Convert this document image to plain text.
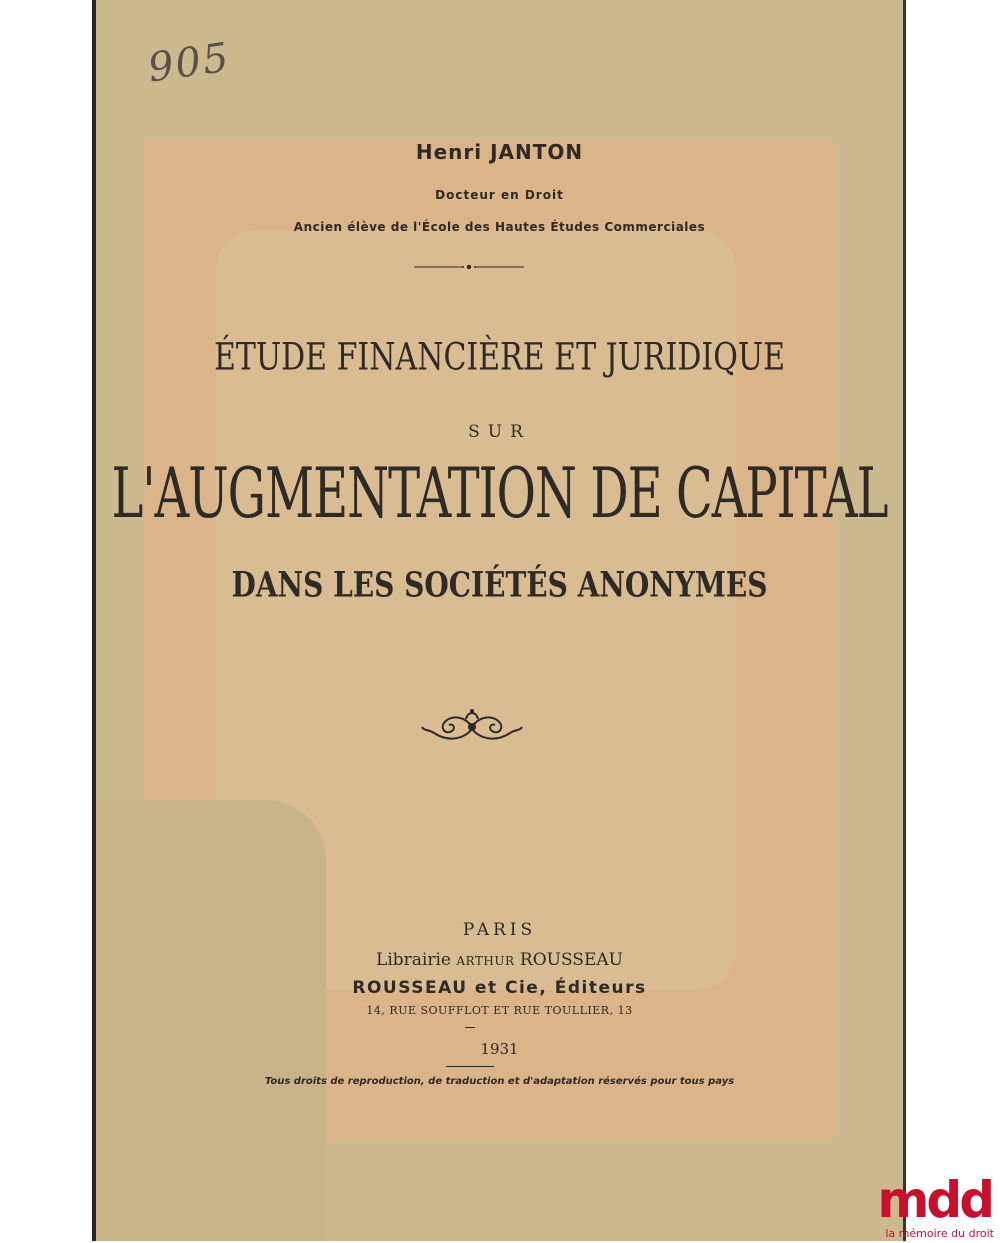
905
Henri JANTON
Docteur en Droit
Ancien élève de l'École des Hautes Études Commerciales
ÉTUDE FINANCIÈRE ET JURIDIQUE
SUR
L'AUGMENTATION DE CAPITAL
DANS LES SOCIÉTÉS ANONYMES
PARIS
Librairie ARTHUR ROUSSEAU
ROUSSEAU et Cie, Éditeurs
14, RUE SOUFFLOT ET RUE TOULLIER, 13
1931
Tous droits de reproduction, de traduction et d'adaptation réservés pour tous pays
mdd
la mémoire du droit
